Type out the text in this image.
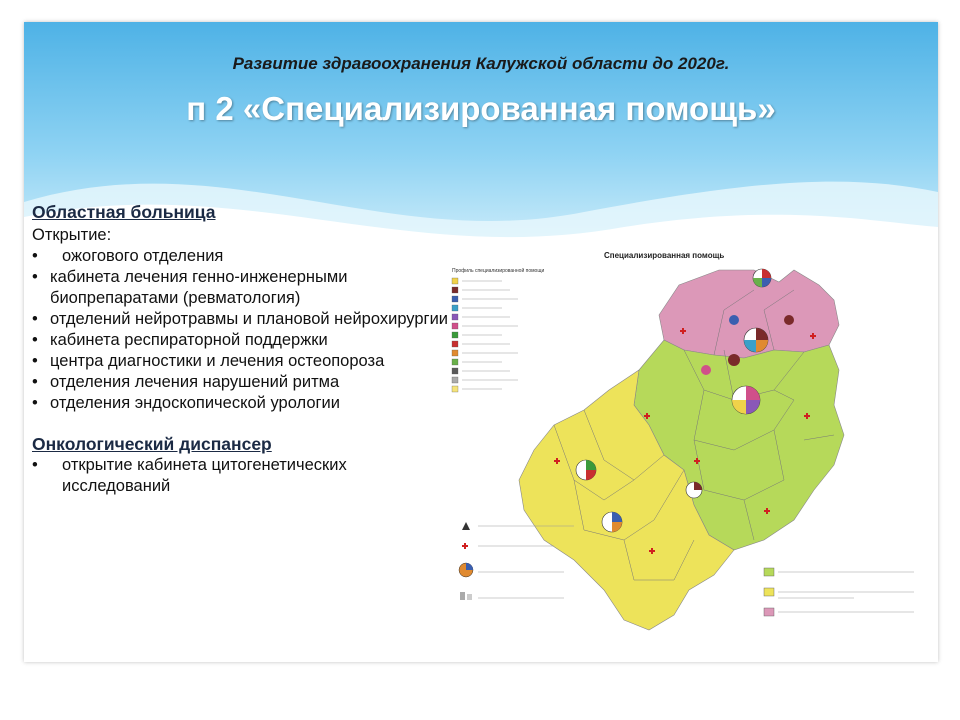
Развитие здравоохранения Калужской области до 2020г.
п 2 «Специализированная помощь»
Областная больница
Открытие:
• ожогового отделения
• кабинета лечения генно-инженерными биопрепаратами (ревматология)
• отделений нейротравмы и плановой нейрохирургии
• кабинета респираторной поддержки
• центра диагностики и лечения остеопороза
• отделения лечения нарушений ритма
• отделения эндоскопической урологии
Онкологический диспансер
• открытие кабинета цитогенетических исследований
Специализированная помощь
Профиль специализированной помощи
MyShared
